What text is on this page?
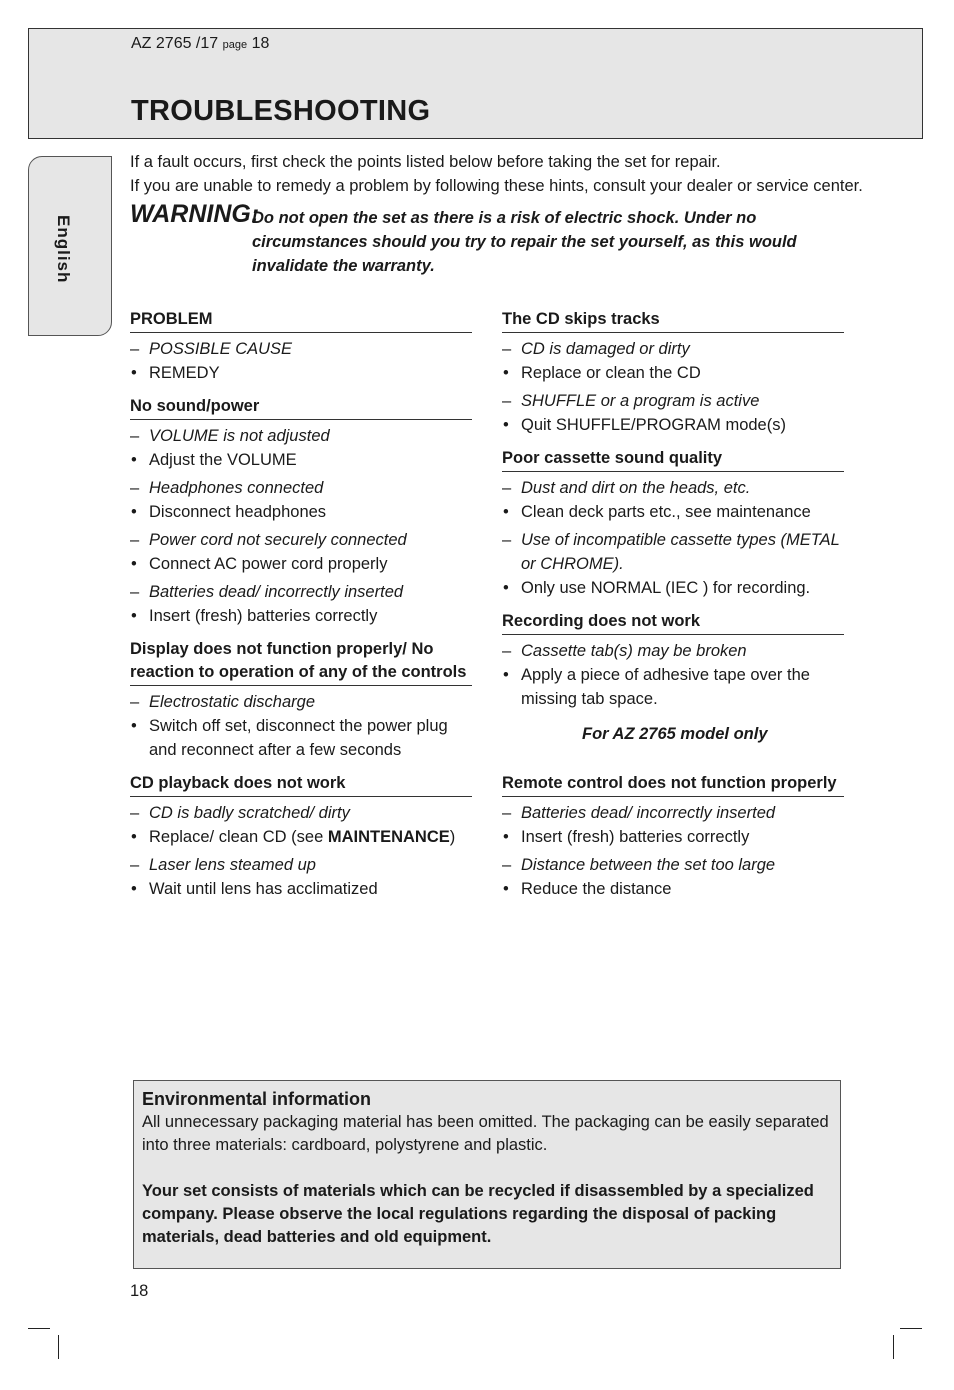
AZ 2765 /17 page 18
TROUBLESHOOTING
English
If a fault occurs, first check the points listed below before taking the set for repair.
If you are unable to remedy a problem by following these hints, consult your dealer or service center.
WARNING:
Do not open the set as there is a risk of electric shock. Under no circumstances should you try to repair the set yourself, as this would invalidate the warranty.
PROBLEM
– POSSIBLE CAUSE
• REMEDY
No sound/power
– VOLUME is not adjusted
• Adjust the VOLUME
– Headphones connected
• Disconnect headphones
– Power cord not securely connected
• Connect AC power cord properly
– Batteries dead/ incorrectly inserted
• Insert (fresh) batteries correctly
Display does not function properly/ No reaction to operation of any of the controls
– Electrostatic discharge
• Switch off set, disconnect the power plug and reconnect after a few seconds
CD playback does not work
– CD is badly scratched/ dirty
• Replace/ clean CD (see MAINTENANCE)
– Laser lens steamed up
• Wait until lens has acclimatized
The CD skips tracks
– CD is damaged or dirty
• Replace or clean the CD
– SHUFFLE or a program is active
• Quit SHUFFLE/PROGRAM mode(s)
Poor cassette sound quality
– Dust and dirt on the heads, etc.
• Clean deck parts etc., see maintenance
– Use of incompatible cassette types (METAL or CHROME).
• Only use NORMAL (IEC ) for recording.
Recording does not work
– Cassette tab(s) may be broken
• Apply a piece of adhesive tape over the missing tab space.
For AZ 2765 model only
Remote control does not function properly
– Batteries dead/ incorrectly inserted
• Insert (fresh) batteries correctly
– Distance between the set too large
• Reduce the distance
Environmental information
All unnecessary packaging material has been omitted. The packaging can be easily separated into three materials: cardboard, polystyrene and plastic.
Your set consists of materials which can be recycled if disassembled by a specialized company. Please observe the local regulations regarding the disposal of packing materials, dead batteries and old equipment.
18
